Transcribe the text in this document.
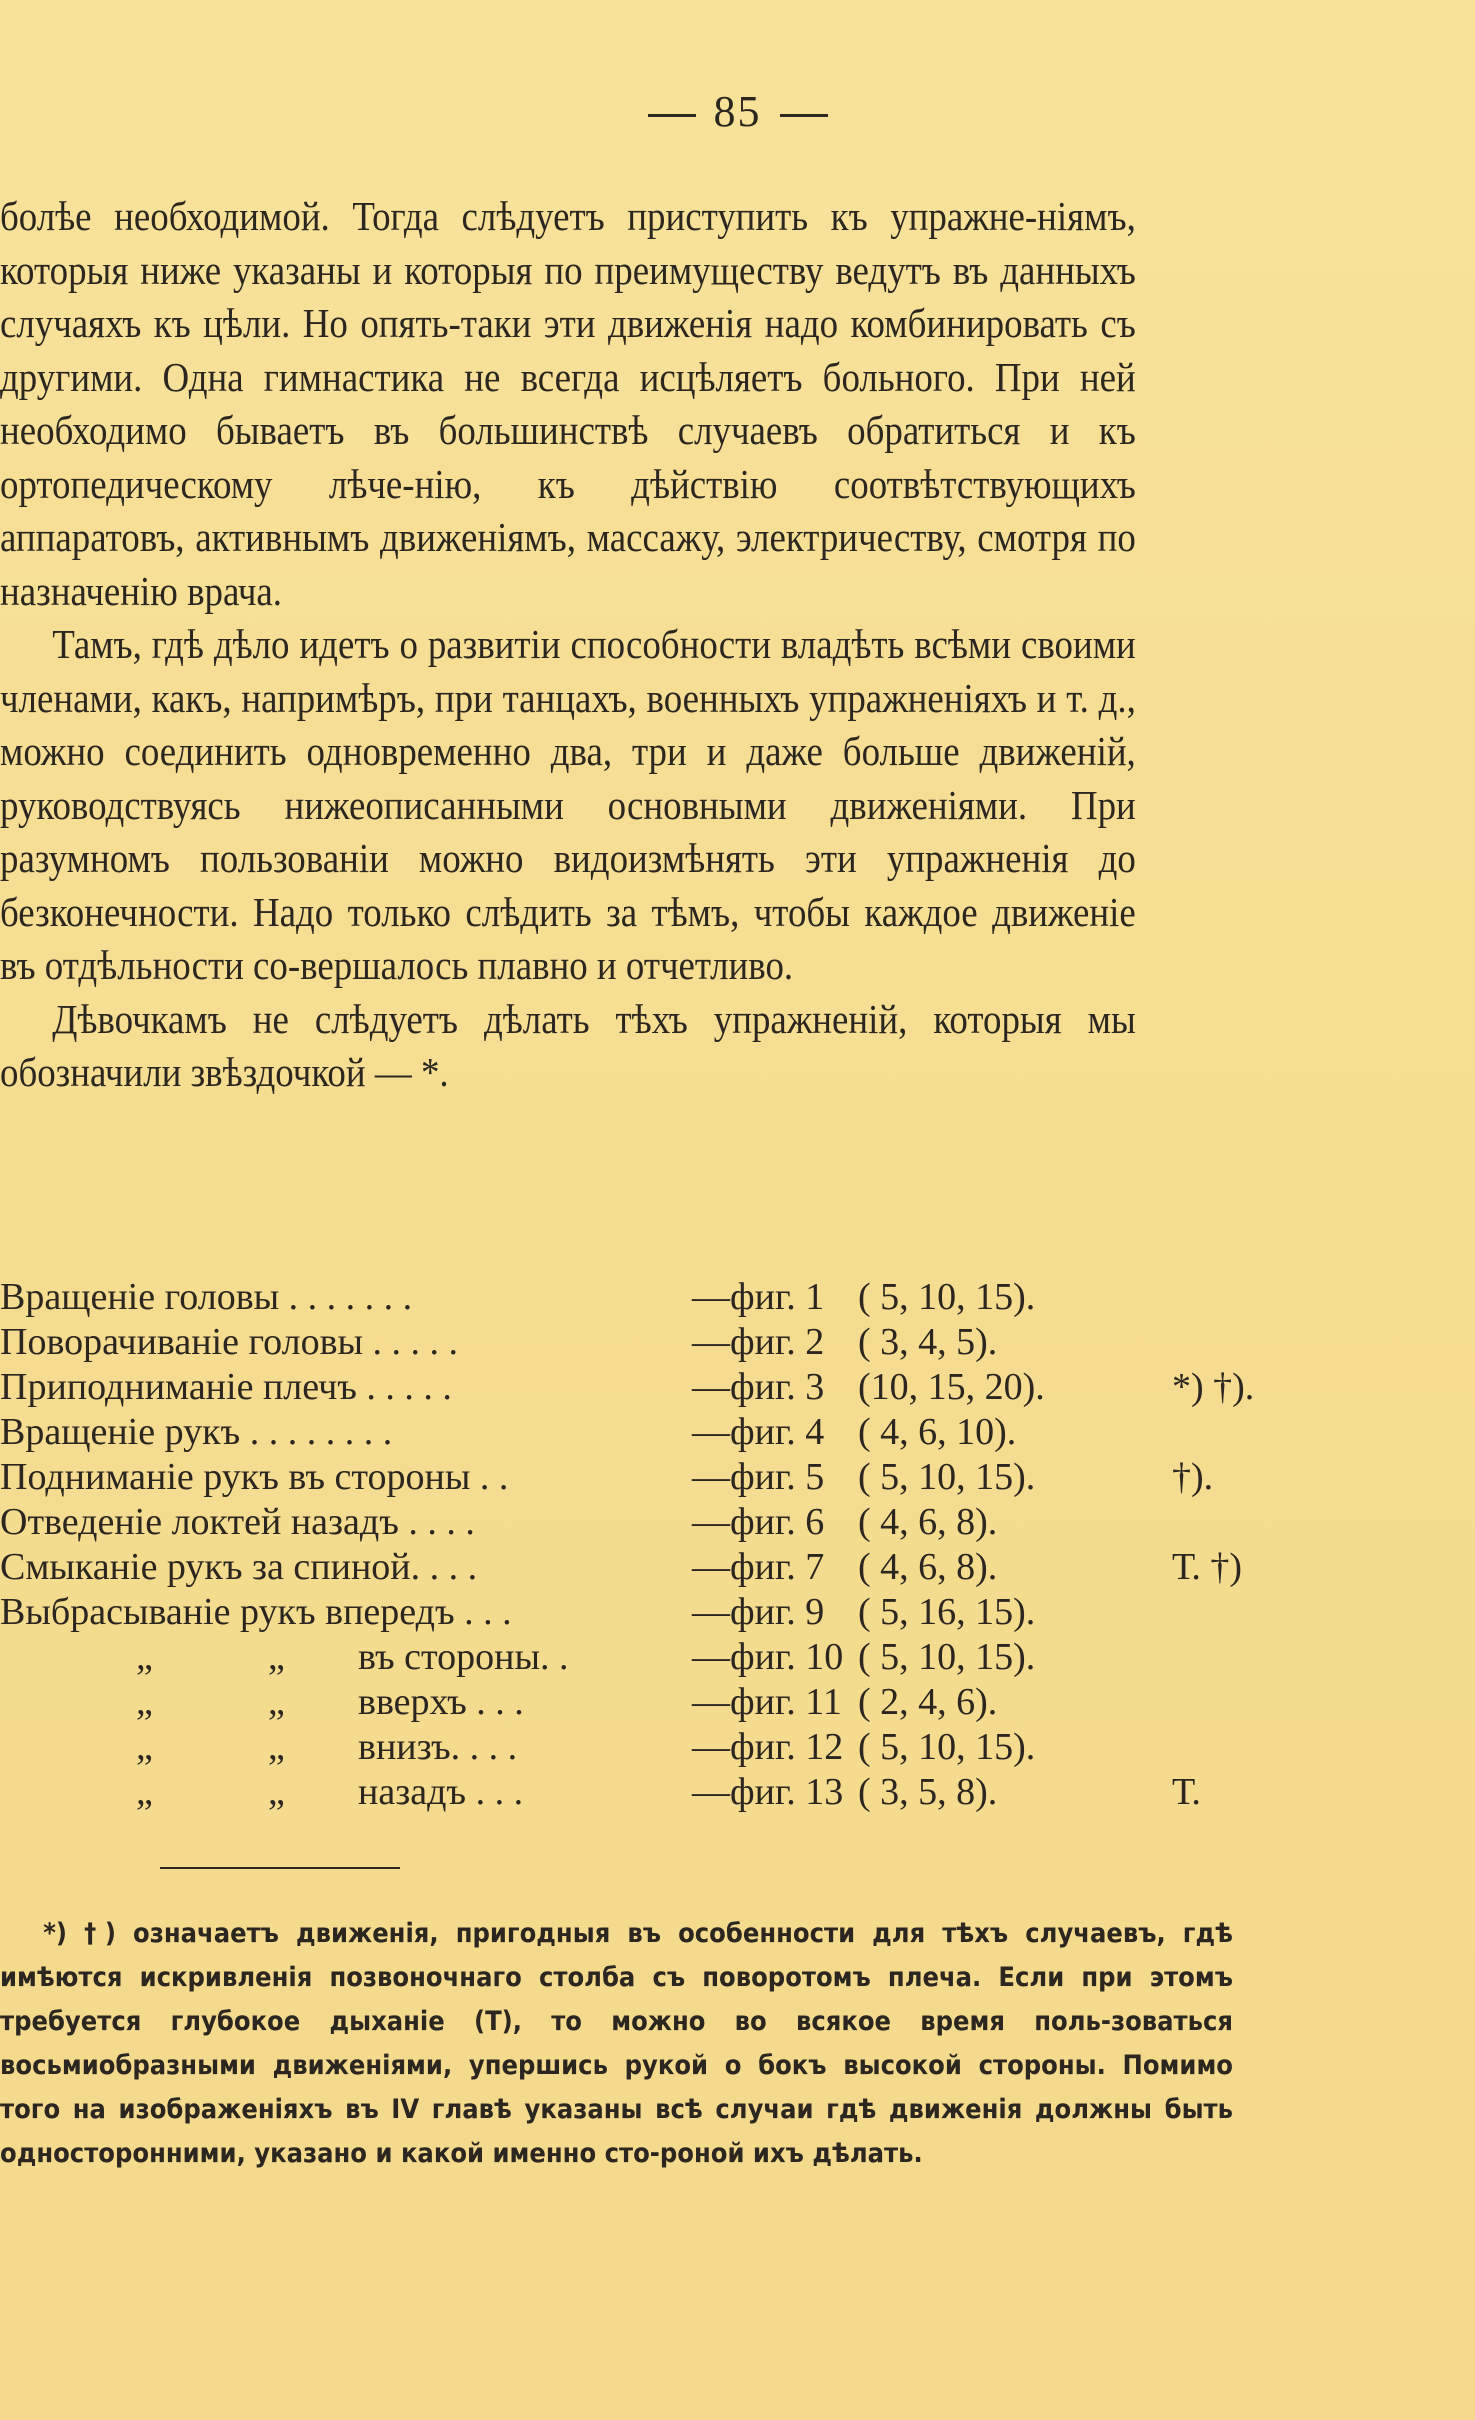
85

болѣе необходимой. Тогда слѣдуетъ приступить къ упражне-ніямъ, которыя ниже указаны и которыя по преимуществу ведутъ въ данныхъ случаяхъ къ цѣли. Но опять-таки эти движенія надо комбинировать съ другими. Одна гимнастика не всегда исцѣляетъ больного. При ней необходимо бываетъ въ большинствѣ случаевъ обратиться и къ ортопедическому лѣче-нію, къ дѣйствію соотвѣтствующихъ аппаратовъ, активнымъ движеніямъ, массажу, электричеству, смотря по назначенію врача.

Тамъ, гдѣ дѣло идетъ о развитіи способности владѣть всѣми своими членами, какъ, напримѣръ, при танцахъ, военныхъ упражненіяхъ и т. д., можно соединить одновременно два, три и даже больше движеній, руководствуясь нижеописанными основными движеніями. При разумномъ пользованіи можно видоизмѣнять эти упражненія до безконечности. Надо только слѣдить за тѣмъ, чтобы каждое движеніе въ отдѣльности со-вершалось плавно и отчетливо.

Дѣвочкамъ не слѣдуетъ дѣлать тѣхъ упражненій, которыя мы обозначили звѣздочкой — *.

Вращеніе головы . . . . . . .	—фиг. 1 ( 5, 10, 15).
Поворачиваніе головы . . . . .	—фиг. 2 ( 3, 4, 5).
Приподниманіе плечъ . . . . .	—фиг. 3 (10, 15, 20).	*) †).
Вращеніе рукъ . . . . . . . .	—фиг. 4 ( 4, 6, 10).
Подниманіе рукъ въ стороны . .	—фиг. 5 ( 5, 10, 15).	†).
Отведеніе локтей назадъ . . . .	—фиг. 6 ( 4, 6, 8).
Смыканіе рукъ за спиной. . . .	—фиг. 7 ( 4, 6, 8).	Т. †)
Выбрасываніе рукъ впередъ . . .	—фиг. 9 ( 5, 16, 15).
„	„ въ стороны. .	—фиг. 10 ( 5, 10, 15).
„	„ вверхъ . . .	—фиг. 11 ( 2, 4, 6).
„	„ внизъ. . . .	—фиг. 12 ( 5, 10, 15).
„	„ назадъ . . .	—фиг. 13 ( 3, 5, 8).	Т.

*) †) означаетъ движенія, пригодныя въ особенности для тѣхъ случаевъ, гдѣ имѣются искривленія позвоночнаго столба съ поворотомъ плеча. Если при этомъ требуется глубокое дыханіе (Т), то можно во всякое время поль-зоваться восьмиобразными движеніями, упершись рукой о бокъ высокой стороны. Помимо того на изображеніяхъ въ IV главѣ указаны всѣ случаи гдѣ движенія должны быть односторонними, указано и какой именно сто-роной ихъ дѣлать.
